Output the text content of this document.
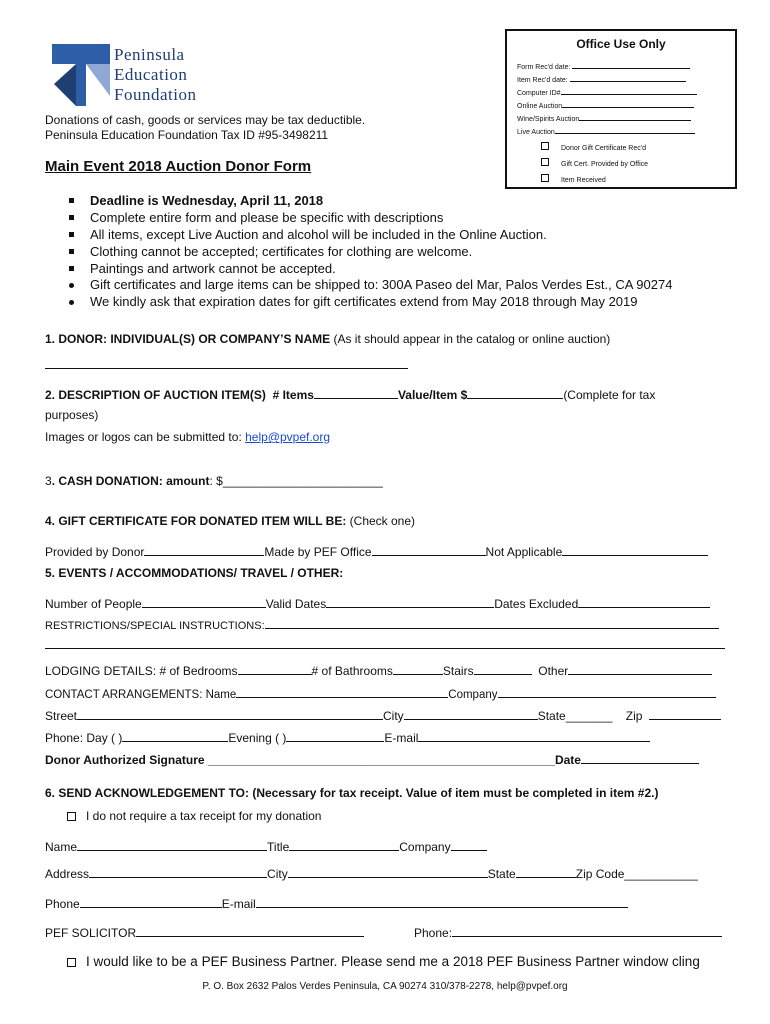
Peninsula
Education
Foundation
Donations of cash, goods or services may be tax deductible.
Peninsula Education Foundation Tax ID #95-3498211
Main Event 2018 Auction Donor Form
Office Use Only
Form Rec'd date:
Item Rec'd date:
Computer ID#
Online Auction
Wine/Spirits Auction
Live Auction
Donor Gift Certificate Rec'd
Gift Cert. Provided by Office
Item Received
Deadline is Wednesday, April 11, 2018
Complete entire form and please be specific with descriptions
All items, except Live Auction and alcohol will be included in the Online Auction.
Clothing cannot be accepted; certificates for clothing are welcome.
Paintings and artwork cannot be accepted.
Gift certificates and large items can be shipped to: 300A Paseo del Mar, Palos Verdes Est., CA 90274
We kindly ask that expiration dates for gift certificates extend from May 2018 through May 2019
1. DONOR: INDIVIDUAL(S) OR COMPANY’S NAME (As it should appear in the catalog or online auction)
2. DESCRIPTION OF AUCTION ITEM(S) # Items	Value/Item $	(Complete for tax
purposes)
Images or logos can be submitted to: help@pvpef.org
3. CASH DONATION: amount: $________________________
4. GIFT CERTIFICATE FOR DONATED ITEM WILL BE: (Check one)
Provided by Donor	Made by PEF Office	Not Applicable
5. EVENTS / ACCOMMODATIONS/ TRAVEL / OTHER:
Number of People	Valid Dates	Dates Excluded
RESTRICTIONS/SPECIAL INSTRUCTIONS:
LODGING DETAILS: # of Bedrooms	# of Bathrooms	Stairs	Other
CONTACT ARRANGEMENTS: Name	Company
Street	City	State_______ Zip
Phone: Day ( )	Evening ( )	E-mail
Donor Authorized Signature ____________________________________________________Date
6. SEND ACKNOWLEDGEMENT TO: (Necessary for tax receipt. Value of item must be completed in item #2.)
I do not require a tax receipt for my donation
Name	Title	Company
Address	City	State	Zip Code___________
Phone	E-mail
PEF SOLICITOR	Phone:
I would like to be a PEF Business Partner. Please send me a 2018 PEF Business Partner window cling
P. O. Box 2632 Palos Verdes Peninsula, CA 90274 310/378-2278, help@pvpef.org
